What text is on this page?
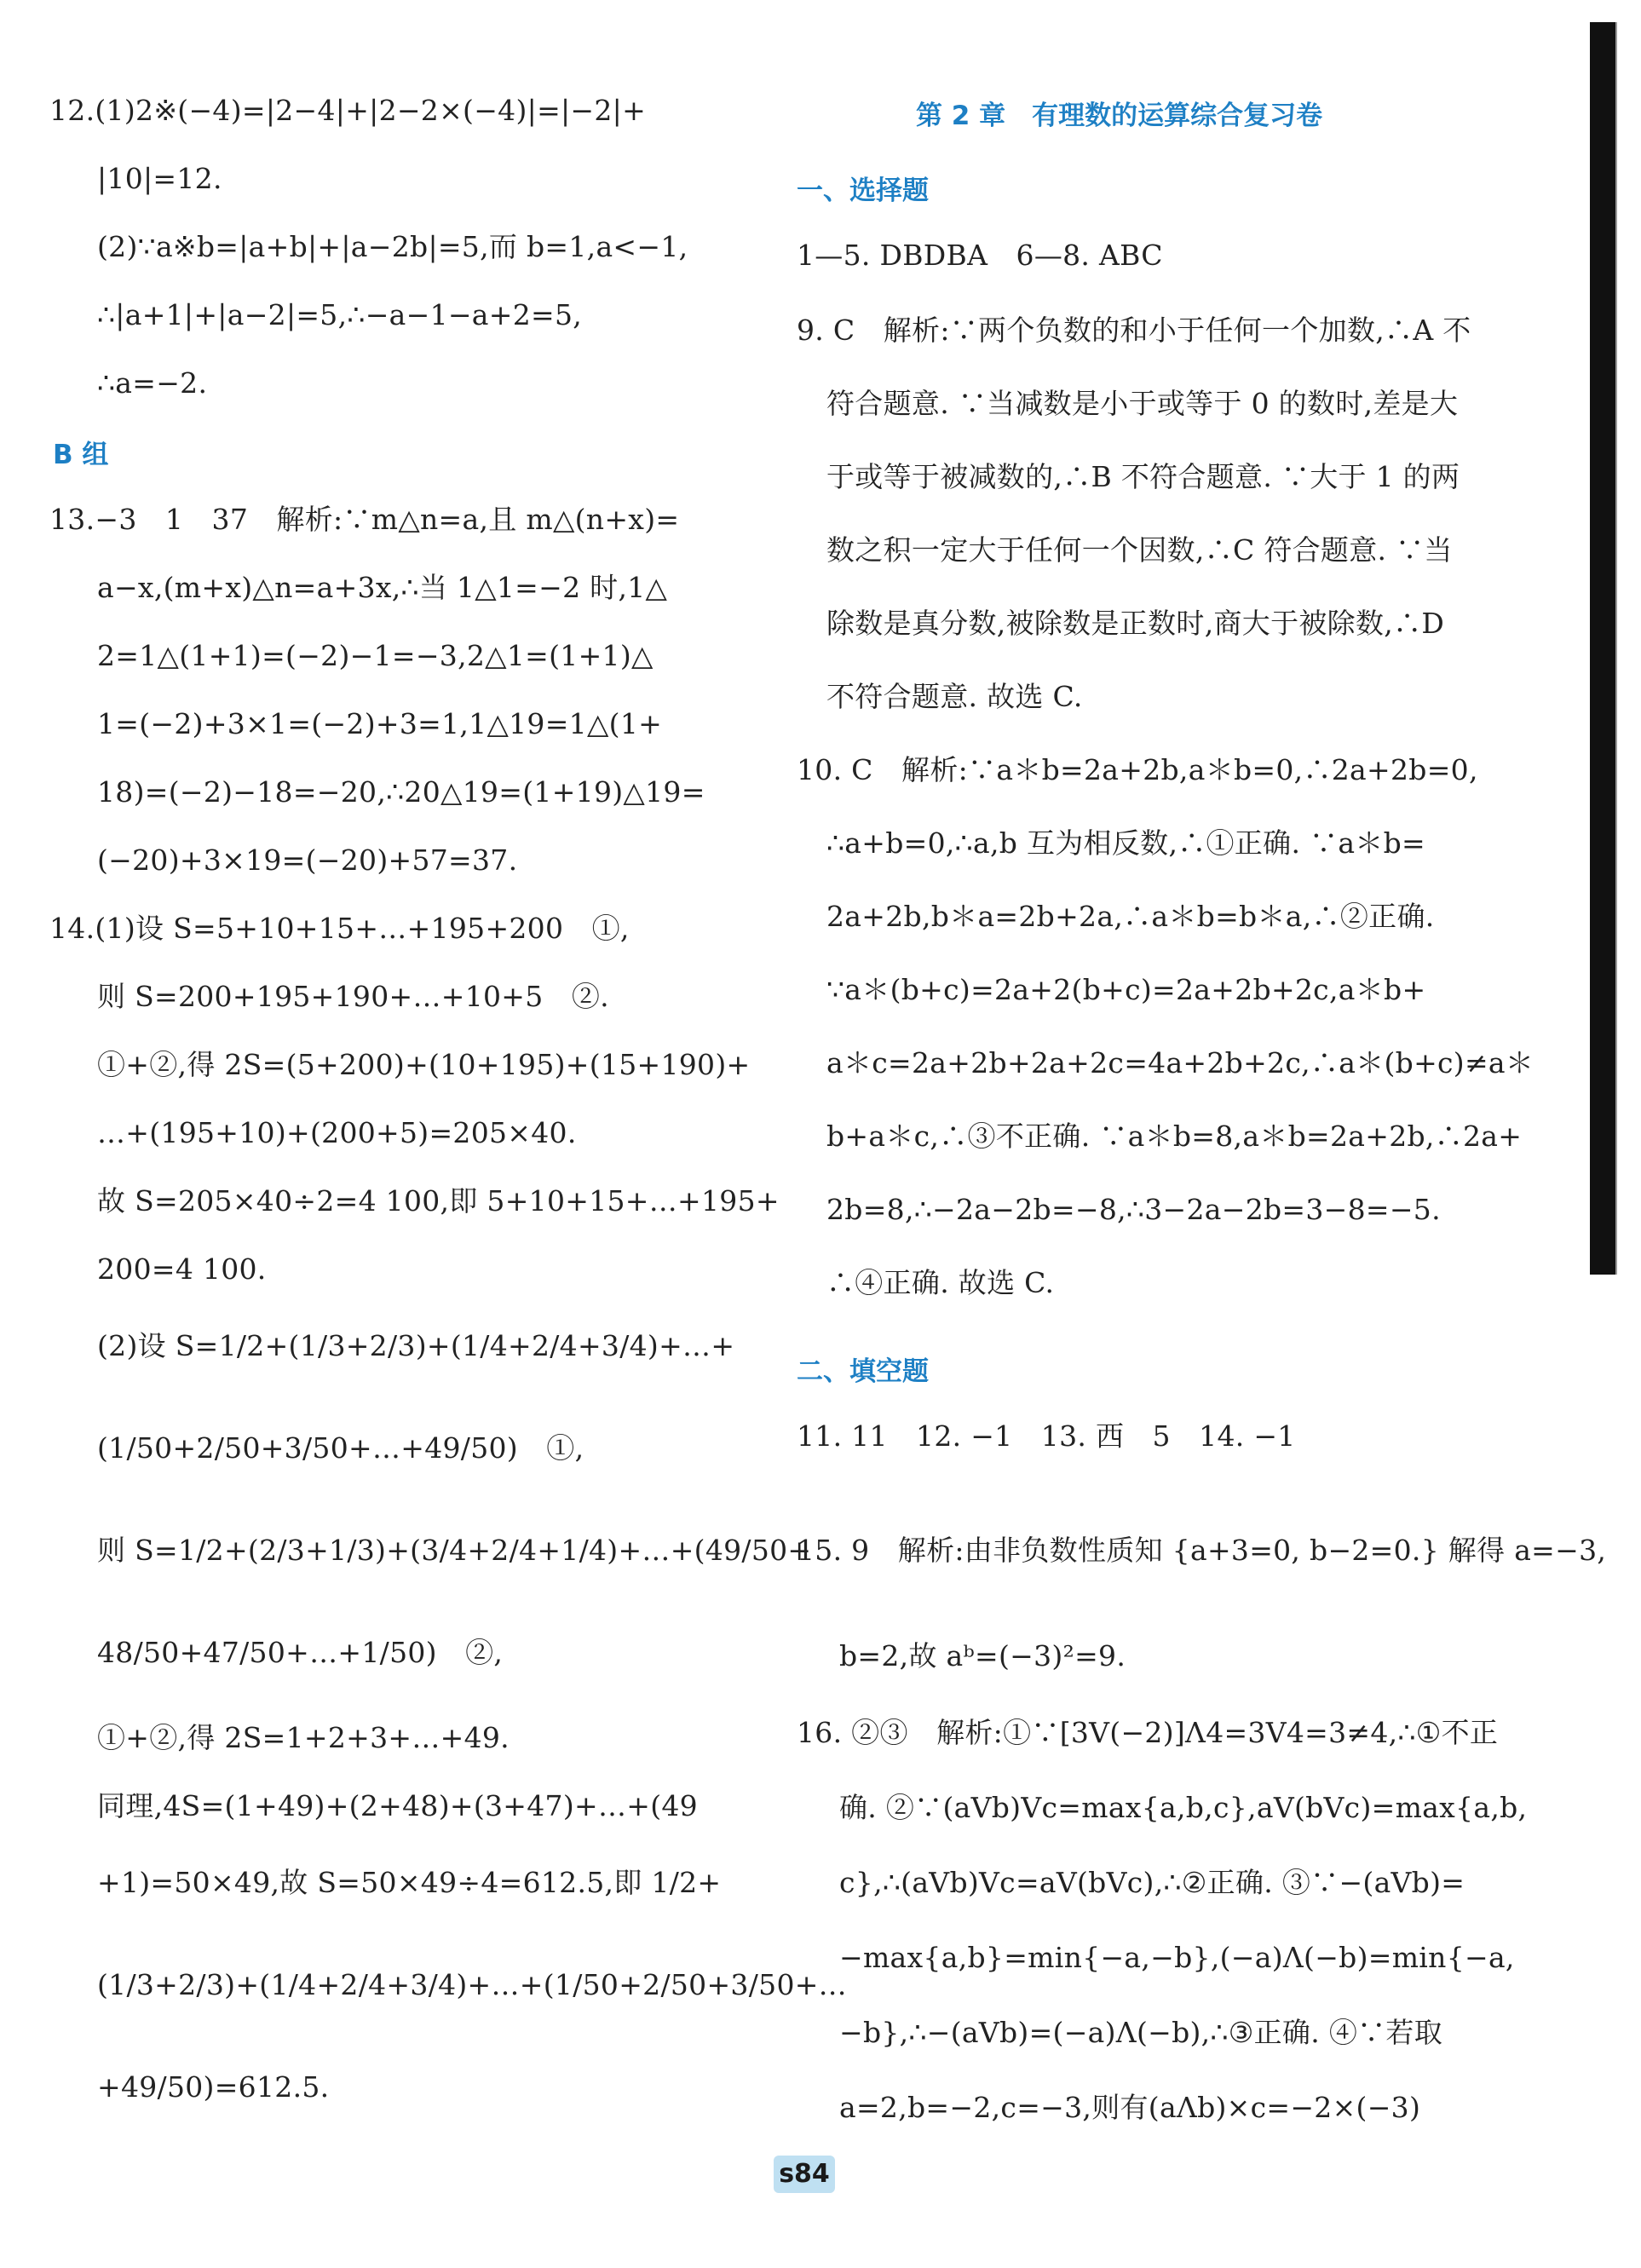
12.(1)2※(−4)=|2−4|+|2−2×(−4)|=|−2|+
|10|=12.
(2)∵a※b=|a+b|+|a−2b|=5,而 b=1,a<−1,
∴|a+1|+|a−2|=5,∴−a−1−a+2=5,
∴a=−2.
B 组
13.−3　1　37　解析:∵m△n=a,且 m△(n+x)=
a−x,(m+x)△n=a+3x,∴当 1△1=−2 时,1△
2=1△(1+1)=(−2)−1=−3,2△1=(1+1)△
1=(−2)+3×1=(−2)+3=1,1△19=1△(1+
18)=(−2)−18=−20,∴20△19=(1+19)△19=
(−20)+3×19=(−20)+57=37.
14.(1)设 S=5+10+15+…+195+200　①,
则 S=200+195+190+…+10+5　②.
①+②,得 2S=(5+200)+(10+195)+(15+190)+
…+(195+10)+(200+5)=205×40.
故 S=205×40÷2=4 100,即 5+10+15+…+195+
200=4 100.
(2)设 S=1/2+(1/3+2/3)+(1/4+2/4+3/4)+…+
(1/50+2/50+3/50+…+49/50)　①,
则 S=1/2+(2/3+1/3)+(3/4+2/4+1/4)+…+(49/50+
48/50+47/50+…+1/50)　②,
①+②,得 2S=1+2+3+…+49.
同理,4S=(1+49)+(2+48)+(3+47)+…+(49
+1)=50×49,故 S=50×49÷4=612.5,即 1/2+
(1/3+2/3)+(1/4+2/4+3/4)+…+(1/50+2/50+3/50+…
+49/50)=612.5.
第 2 章　有理数的运算综合复习卷
一、选择题
1—5. DBDBA　6—8. ABC
9. C　解析:∵两个负数的和小于任何一个加数,∴A 不
符合题意. ∵当减数是小于或等于 0 的数时,差是大
于或等于被减数的,∴B 不符合题意. ∵大于 1 的两
数之积一定大于任何一个因数,∴C 符合题意. ∵当
除数是真分数,被除数是正数时,商大于被除数,∴D
不符合题意. 故选 C.
10. C　解析:∵a＊b=2a+2b,a＊b=0,∴2a+2b=0,
∴a+b=0,∴a,b 互为相反数,∴①正确. ∵a＊b=
2a+2b,b＊a=2b+2a,∴a＊b=b＊a,∴②正确.
∵a＊(b+c)=2a+2(b+c)=2a+2b+2c,a＊b+
a＊c=2a+2b+2a+2c=4a+2b+2c,∴a＊(b+c)≠a＊
b+a＊c,∴③不正确. ∵a＊b=8,a＊b=2a+2b,∴2a+
2b=8,∴−2a−2b=−8,∴3−2a−2b=3−8=−5.
∴④正确. 故选 C.
二、填空题
11. 11　12. −1　13. 西　5　14. −1
15. 9　解析:由非负数性质知 {a+3=0, b−2=0.} 解得 a=−3,
b=2,故 aᵇ=(−3)²=9.
16. ②③　解析:①∵[3V(−2)]Λ4=3V4=3≠4,∴①不正
确. ②∵(aVb)Vc=max{a,b,c},aV(bVc)=max{a,b,
c},∴(aVb)Vc=aV(bVc),∴②正确. ③∵−(aVb)=
−max{a,b}=min{−a,−b},(−a)Λ(−b)=min{−a,
−b},∴−(aVb)=(−a)Λ(−b),∴③正确. ④∵若取
a=2,b=−2,c=−3,则有(aΛb)×c=−2×(−3)
s84
